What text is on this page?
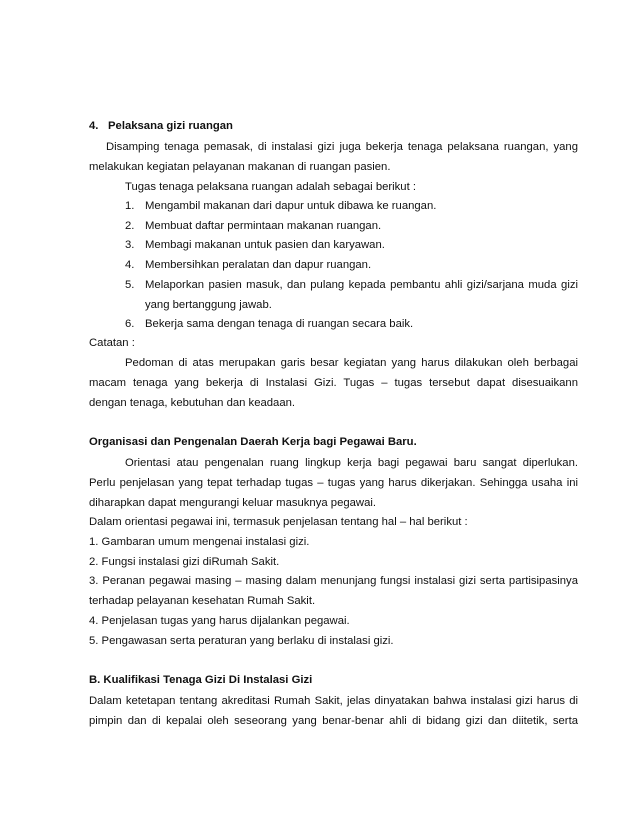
4. Pelaksana gizi ruangan
Disamping tenaga pemasak, di instalasi gizi juga bekerja tenaga pelaksana ruangan, yang
melakukan kegiatan pelayanan makanan di ruangan pasien.
Tugas tenaga pelaksana ruangan adalah sebagai berikut :
1. Mengambil makanan dari dapur untuk dibawa ke ruangan.
2. Membuat daftar permintaan makanan ruangan.
3. Membagi makanan untuk pasien dan karyawan.
4. Membersihkan peralatan dan dapur ruangan.
5. Melaporkan pasien masuk, dan pulang kepada pembantu ahli gizi/sarjana muda gizi
yang bertanggung jawab.
6. Bekerja sama dengan tenaga di ruangan secara baik.
Catatan :
Pedoman di atas merupakan garis besar kegiatan yang harus dilakukan oleh berbagai
macam tenaga yang bekerja di Instalasi Gizi. Tugas – tugas tersebut dapat disesuaikann
dengan tenaga, kebutuhan dan keadaan.
Organisasi dan Pengenalan Daerah Kerja bagi Pegawai Baru.
Orientasi atau pengenalan ruang lingkup kerja bagi pegawai baru sangat diperlukan.
Perlu penjelasan yang tepat terhadap tugas – tugas yang harus dikerjakan. Sehingga usaha ini
diharapkan dapat mengurangi keluar masuknya pegawai.
Dalam orientasi pegawai ini, termasuk penjelasan tentang hal – hal berikut :
1. Gambaran umum mengenai instalasi gizi.
2. Fungsi instalasi gizi diRumah Sakit.
3. Peranan pegawai masing – masing dalam menunjang fungsi instalasi gizi serta partisipasinya
terhadap pelayanan kesehatan Rumah Sakit.
4. Penjelasan tugas yang harus dijalankan pegawai.
5. Pengawasan serta peraturan yang berlaku di instalasi gizi.
B. Kualifikasi Tenaga Gizi Di Instalasi Gizi
Dalam ketetapan tentang akreditasi Rumah Sakit, jelas dinyatakan bahwa instalasi gizi harus di
pimpin dan di kepalai oleh seseorang yang benar-benar ahli di bidang gizi dan diitetik, serta
